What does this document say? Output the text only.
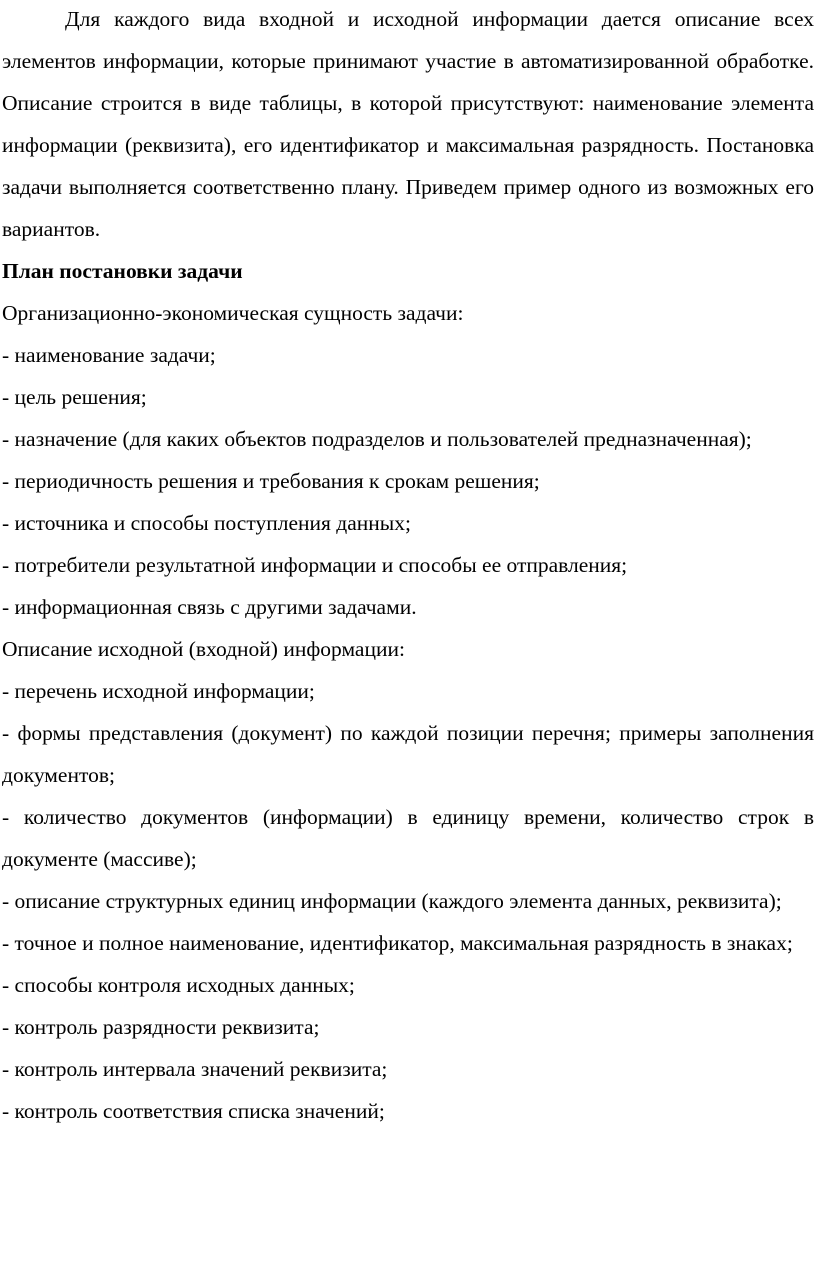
Для каждого вида входной и исходной информации дается описание всех элементов информации, которые принимают участие в автоматизированной обработке. Описание строится в виде таблицы, в которой присутствуют: наименование элемента информации (реквизита), его идентификатор и максимальная разрядность. Постановка задачи выполняется соответственно плану. Приведем пример одного из возможных его вариантов.

План постановки задачи

Организационно-экономическая сущность задачи:

- наименование задачи;

- цель решения;

- назначение (для каких объектов подразделов и пользователей предназначенная);

- периодичность решения и требования к срокам решения;

- источника и способы поступления данных;

- потребители результатной информации и способы ее отправления;

- информационная связь с другими задачами.

Описание исходной (входной) информации:

- перечень исходной информации;

- формы представления (документ) по каждой позиции перечня; примеры заполнения документов;

- количество документов (информации) в единицу времени, количество строк в документе (массиве);

- описание структурных единиц информации (каждого элемента данных, реквизита);

- точное и полное наименование, идентификатор, максимальная разрядность в знаках;

- способы контроля исходных данных;

- контроль разрядности реквизита;

- контроль интервала значений реквизита;

- контроль соответствия списка значений;
